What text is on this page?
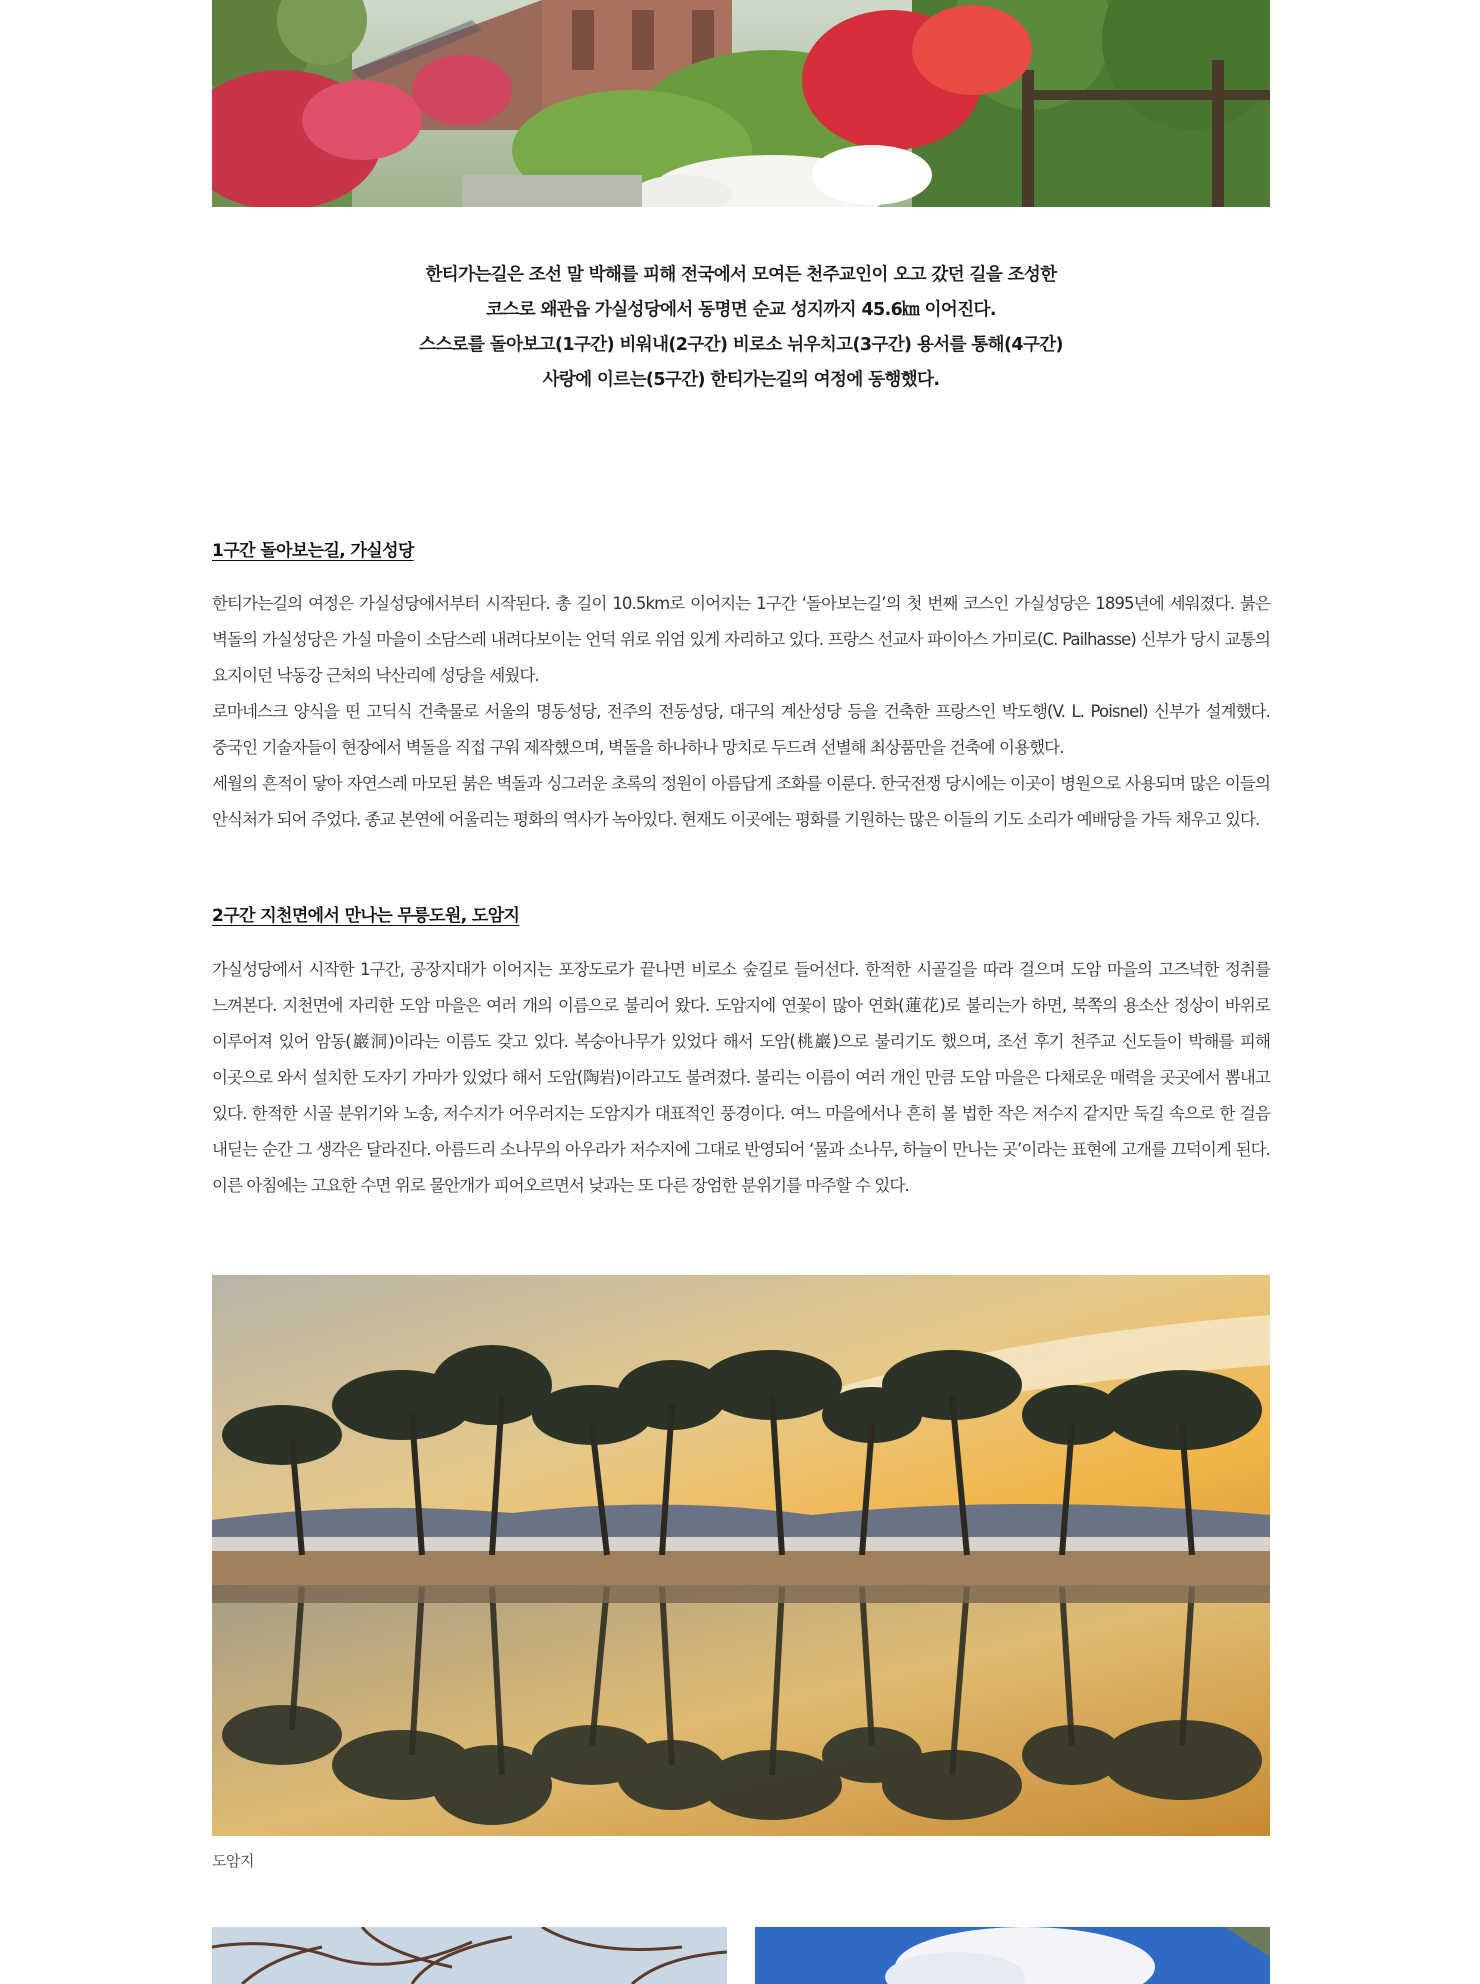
한티가는길은 조선 말 박해를 피해 전국에서 모여든 천주교인이 오고 갔던 길을 조성한
코스로 왜관읍 가실성당에서 동명면 순교 성지까지 45.6㎞ 이어진다.
스스로를 돌아보고(1구간) 비워내(2구간) 비로소 뉘우치고(3구간) 용서를 통해(4구간)
사랑에 이르는(5구간) 한티가는길의 여정에 동행했다.
1구간 돌아보는길, 가실성당

한티가는길의 여정은 가실성당에서부터 시작된다. 총 길이 10.5km로 이어지는 1구간 ‘돌아보는길’의 첫 번째 코스인 가실성당은 1895년에 세워졌다. 붉은 벽돌의 가실성당은 가실 마을이 소담스레 내려다보이는 언덕 위로 위엄 있게 자리하고 있다. 프랑스 선교사 파이아스 가미로(C. Pailhasse) 신부가 당시 교통의 요지이던 낙동강 근처의 낙산리에 성당을 세웠다.

로마네스크 양식을 띤 고딕식 건축물로 서울의 명동성당, 전주의 전동성당, 대구의 계산성당 등을 건축한 프랑스인 박도행(V. L. Poisnel) 신부가 설계했다. 중국인 기술자들이 현장에서 벽돌을 직접 구워 제작했으며, 벽돌을 하나하나 망치로 두드려 선별해 최상품만을 건축에 이용했다.

세월의 흔적이 닿아 자연스레 마모된 붉은 벽돌과 싱그러운 초록의 정원이 아름답게 조화를 이룬다. 한국전쟁 당시에는 이곳이 병원으로 사용되며 많은 이들의 안식처가 되어 주었다. 종교 본연에 어울리는 평화의 역사가 녹아있다. 현재도 이곳에는 평화를 기원하는 많은 이들의 기도 소리가 예배당을 가득 채우고 있다.

2구간 지천면에서 만나는 무릉도원, 도암지

가실성당에서 시작한 1구간, 공장지대가 이어지는 포장도로가 끝나면 비로소 숲길로 들어선다. 한적한 시골길을 따라 걸으며 도암 마을의 고즈넉한 정취를 느껴본다. 지천면에 자리한 도암 마을은 여러 개의 이름으로 불리어 왔다. 도암지에 연꽃이 많아 연화(蓮花)로 불리는가 하면, 북쪽의 용소산 정상이 바위로 이루어져 있어 암동(巖洞)이라는 이름도 갖고 있다. 복숭아나무가 있었다 해서 도암(桃巖)으로 불리기도 했으며, 조선 후기 천주교 신도들이 박해를 피해 이곳으로 와서 설치한 도자기 가마가 있었다 해서 도암(陶岩)이라고도 불려졌다. 불리는 이름이 여러 개인 만큼 도암 마을은 다채로운 매력을 곳곳에서 뽐내고 있다. 한적한 시골 분위기와 노송, 저수지가 어우러지는 도암지가 대표적인 풍경이다. 여느 마을에서나 흔히 볼 법한 작은 저수지 같지만 둑길 속으로 한 걸음 내딛는 순간 그 생각은 달라진다. 아름드리 소나무의 아우라가 저수지에 그대로 반영되어 ‘물과 소나무, 하늘이 만나는 곳’이라는 표현에 고개를 끄덕이게 된다. 이른 아침에는 고요한 수면 위로 물안개가 피어오르면서 낮과는 또 다른 장엄한 분위기를 마주할 수 있다.

도암지
